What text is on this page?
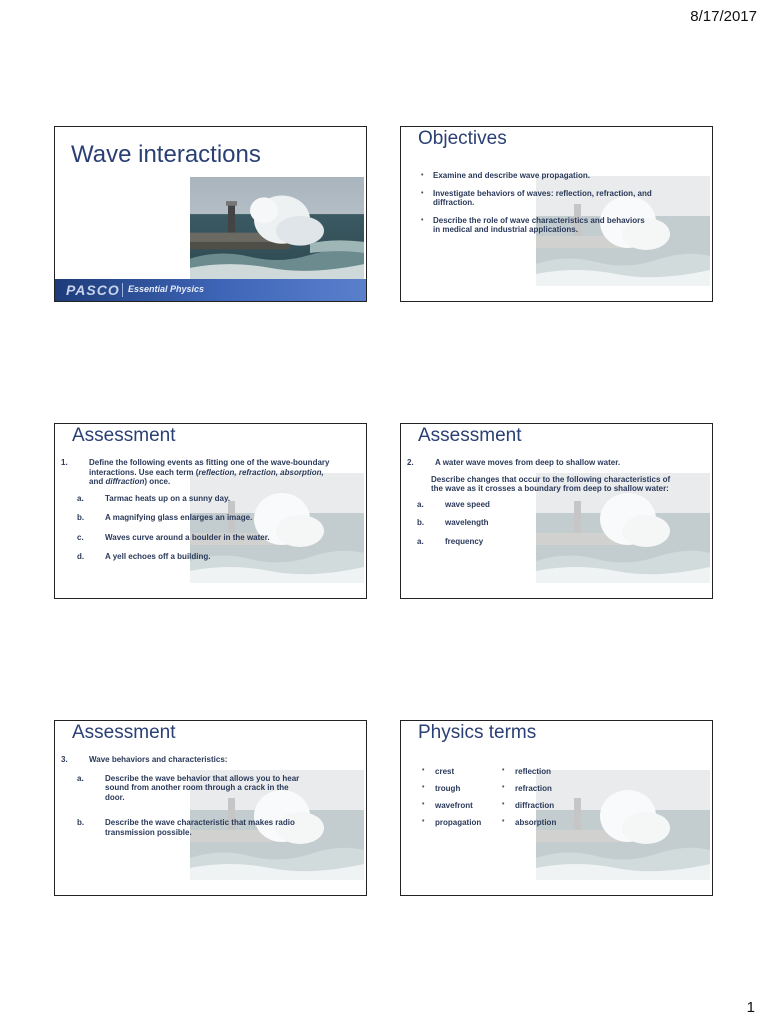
8/17/2017
1
Wave interactions
PASCO Essential Physics
Objectives
• Examine and describe wave propagation.
• Investigate behaviors of waves: reflection, refraction, and diffraction.
• Describe the role of wave characteristics and behaviors in medical and industrial applications.
Assessment
1.	Define the following events as fitting one of the wave-boundary interactions. Use each term (reflection, refraction, absorption, and diffraction) once.
a.	Tarmac heats up on a sunny day.
b.	A magnifying glass enlarges an image.
c.	Waves curve around a boulder in the water.
d.	A yell echoes off a building.
Assessment
2.	A water wave moves from deep to shallow water.
Describe changes that occur to the following characteristics of the wave as it crosses a boundary from deep to shallow water:
a.	wave speed
b.	wavelength
a.	frequency
Assessment
3.	Wave behaviors and characteristics:
a.	Describe the wave behavior that allows you to hear sound from another room through a crack in the door.
b.	Describe the wave characteristic that makes radio transmission possible.
Physics terms
• crest
• trough
• wavefront
• propagation
• reflection
• refraction
• diffraction
• absorption
